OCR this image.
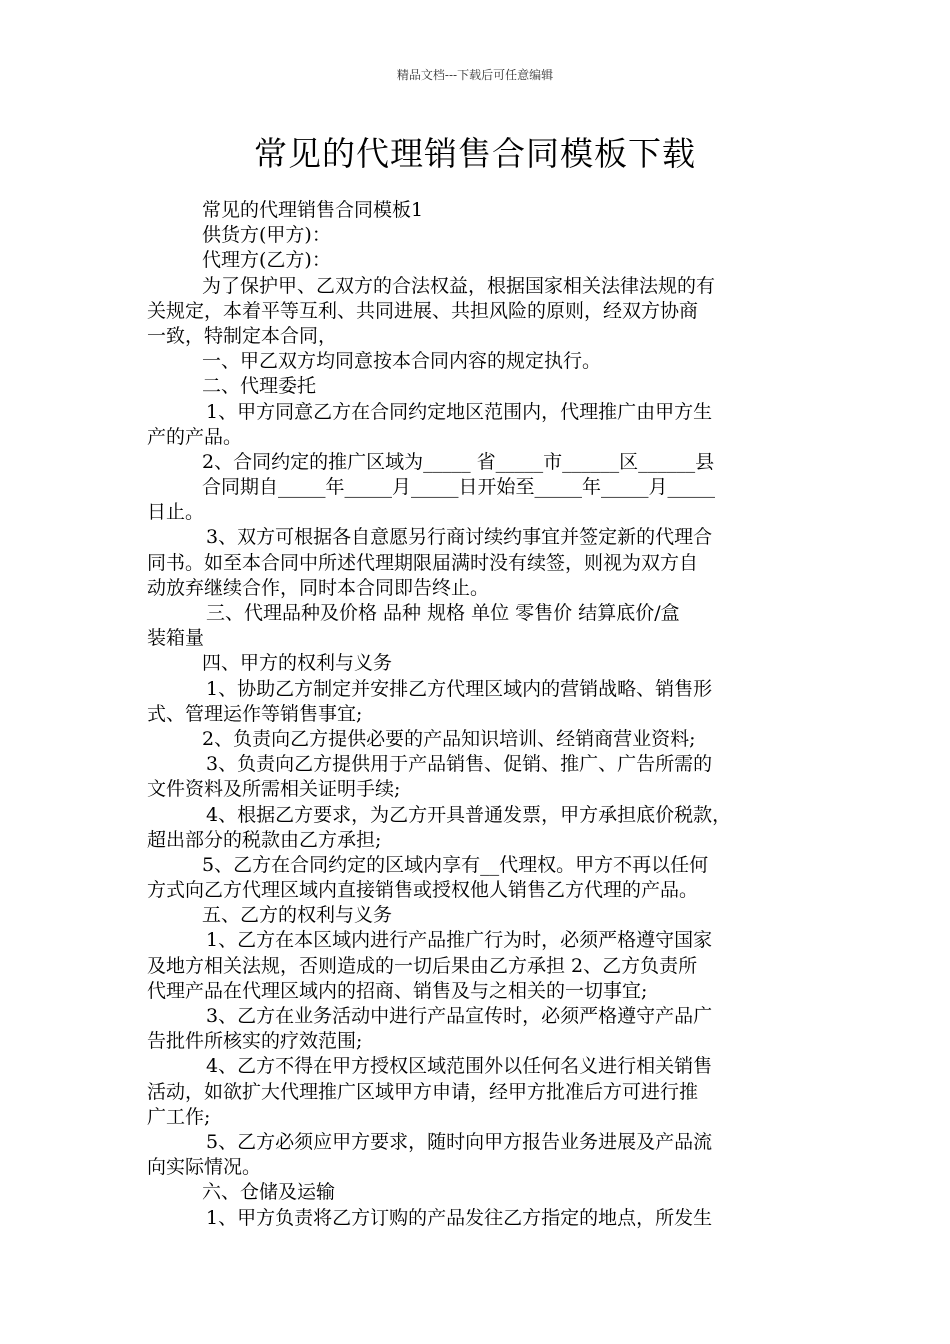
精品文档---下载后可任意编辑
常见的代理销售合同模板下载
常见的代理销售合同模板1
供货方(甲方)：
代理方(乙方)：
为了保护甲、乙双方的合法权益，根据国家相关法律法规的有
关规定，本着平等互利、共同进展、共担风险的原则，经双方协商
一致，特制定本合同，
一、甲乙双方均同意按本合同内容的规定执行。
二、代理委托
1、甲方同意乙方在合同约定地区范围内，代理推广由甲方生
产的产品。
2、合同约定的推广区域为_____ 省_____市______区______县
合同期自_____年_____月_____日开始至_____年_____月_____
日止。
3、双方可根据各自意愿另行商讨续约事宜并签定新的代理合
同书。如至本合同中所述代理期限届满时没有续签，则视为双方自
动放弃继续合作，同时本合同即告终止。
三、代理品种及价格 品种 规格 单位 零售价 结算底价/盒
装箱量
四、甲方的权利与义务
1、协助乙方制定并安排乙方代理区域内的营销战略、销售形
式、管理运作等销售事宜;
2、负责向乙方提供必要的产品知识培训、经销商营业资料;
3、负责向乙方提供用于产品销售、促销、推广、广告所需的
文件资料及所需相关证明手续;
4、根据乙方要求，为乙方开具普通发票，甲方承担底价税款，
超出部分的税款由乙方承担;
5、乙方在合同约定的区域内享有__代理权。甲方不再以任何
方式向乙方代理区域内直接销售或授权他人销售乙方代理的产品。
五、乙方的权利与义务
1、乙方在本区域内进行产品推广行为时，必须严格遵守国家
及地方相关法规，否则造成的一切后果由乙方承担 2、乙方负责所
代理产品在代理区域内的招商、销售及与之相关的一切事宜;
3、乙方在业务活动中进行产品宣传时，必须严格遵守产品广
告批件所核实的疗效范围;
4、乙方不得在甲方授权区域范围外以任何名义进行相关销售
活动，如欲扩大代理推广区域甲方申请，经甲方批准后方可进行推
广工作;
5、乙方必须应甲方要求，随时向甲方报告业务进展及产品流
向实际情况。
六、仓储及运输
1、甲方负责将乙方订购的产品发往乙方指定的地点，所发生
